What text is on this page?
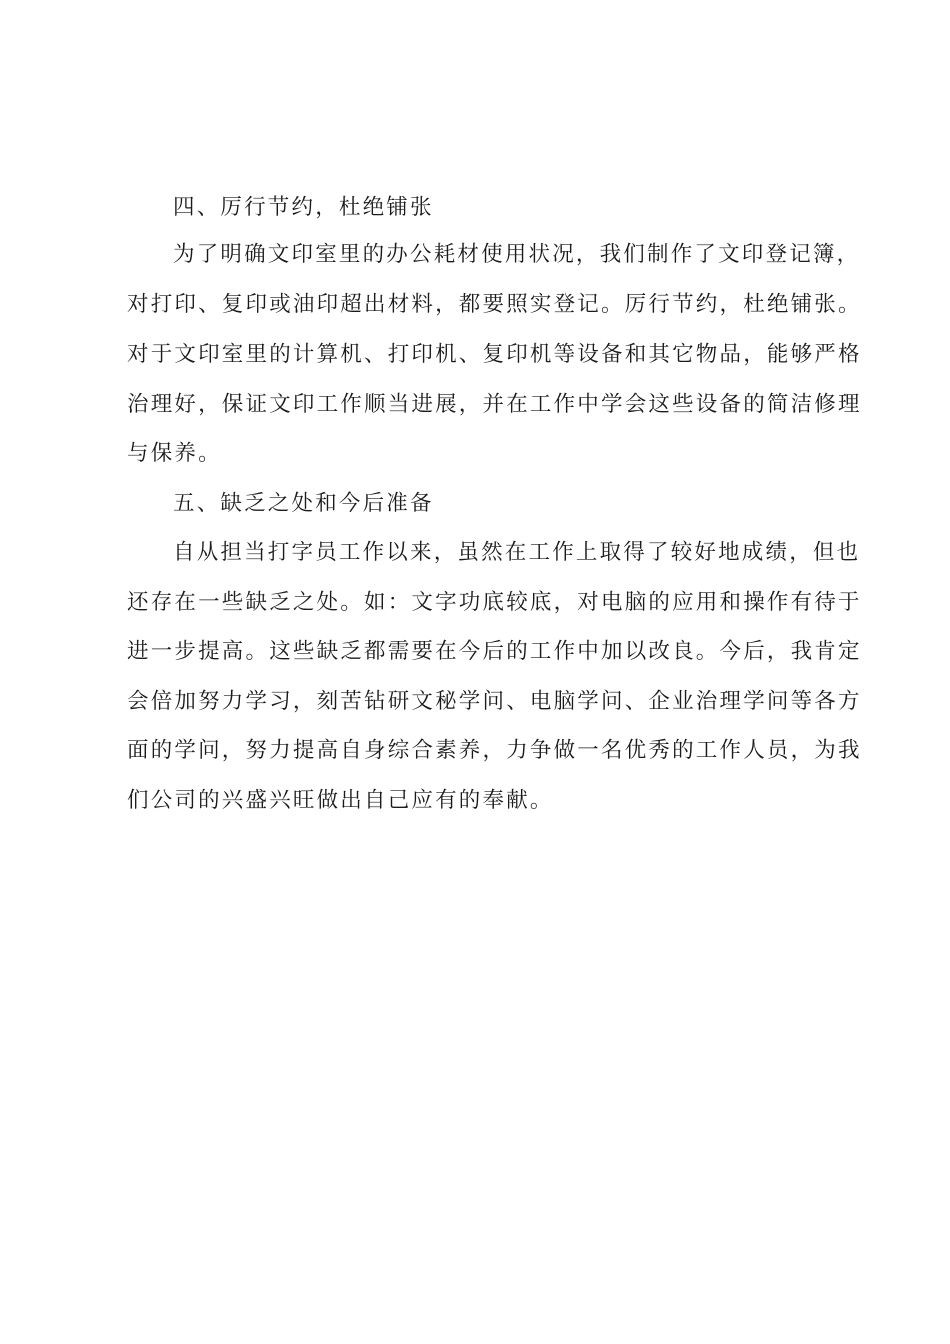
四、厉行节约，杜绝铺张
为了明确文印室里的办公耗材使用状况，我们制作了文印登记簿，
对打印、复印或油印超出材料，都要照实登记。厉行节约，杜绝铺张。
对于文印室里的计算机、打印机、复印机等设备和其它物品，能够严格
治理好，保证文印工作顺当进展，并在工作中学会这些设备的简洁修理
与保养。
五、缺乏之处和今后准备
自从担当打字员工作以来，虽然在工作上取得了较好地成绩，但也
还存在一些缺乏之处。如：文字功底较底，对电脑的应用和操作有待于
进一步提高。这些缺乏都需要在今后的工作中加以改良。今后，我肯定
会倍加努力学习，刻苦钻研文秘学问、电脑学问、企业治理学问等各方
面的学问，努力提高自身综合素养，力争做一名优秀的工作人员，为我
们公司的兴盛兴旺做出自己应有的奉献。
